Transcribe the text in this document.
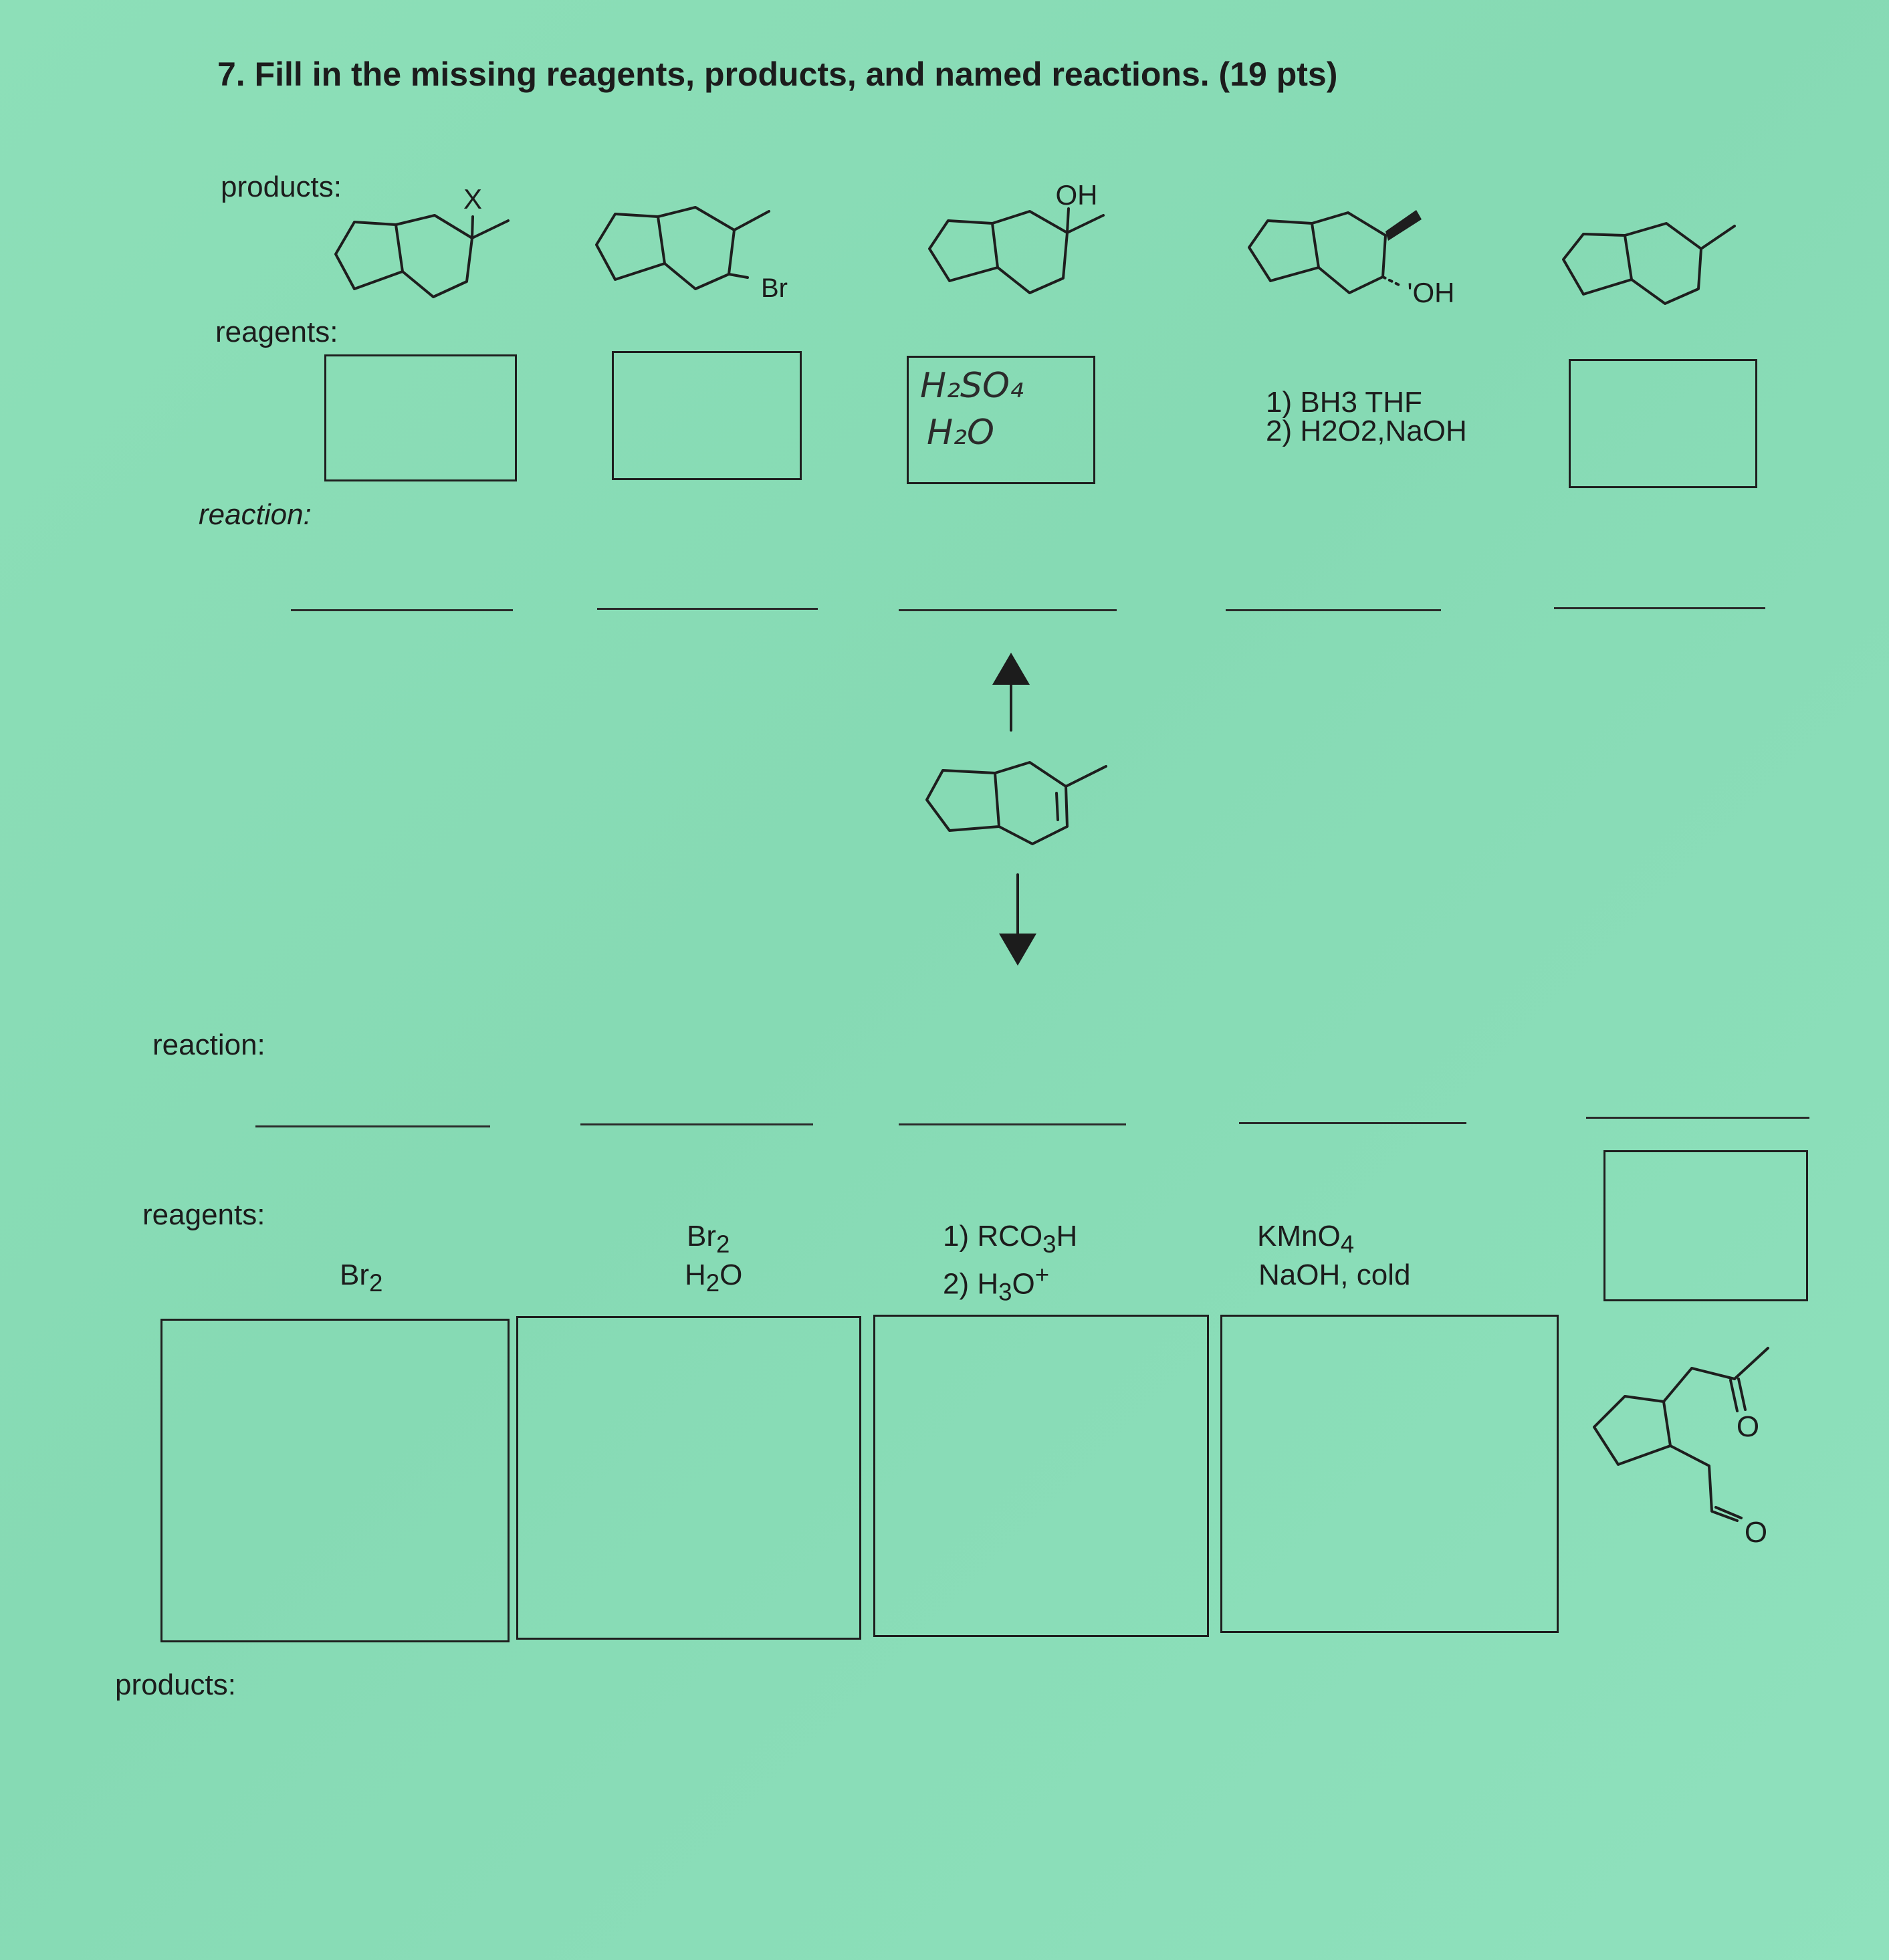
7. Fill in the missing reagents, products, and named reactions. (19 pts)
products:
reagents:
reaction:
reaction:
reagents:
products:
H₂SO₄
H₂O
1) BH3 THF
2) H2O2,NaOH
$Br_2$
$Br_2$
$H_2O$
1) $RCO_3H$
2) $H_3O^+$
KMnO$_4$
NaOH, cold
X
Br
OH
'OH
O
O
